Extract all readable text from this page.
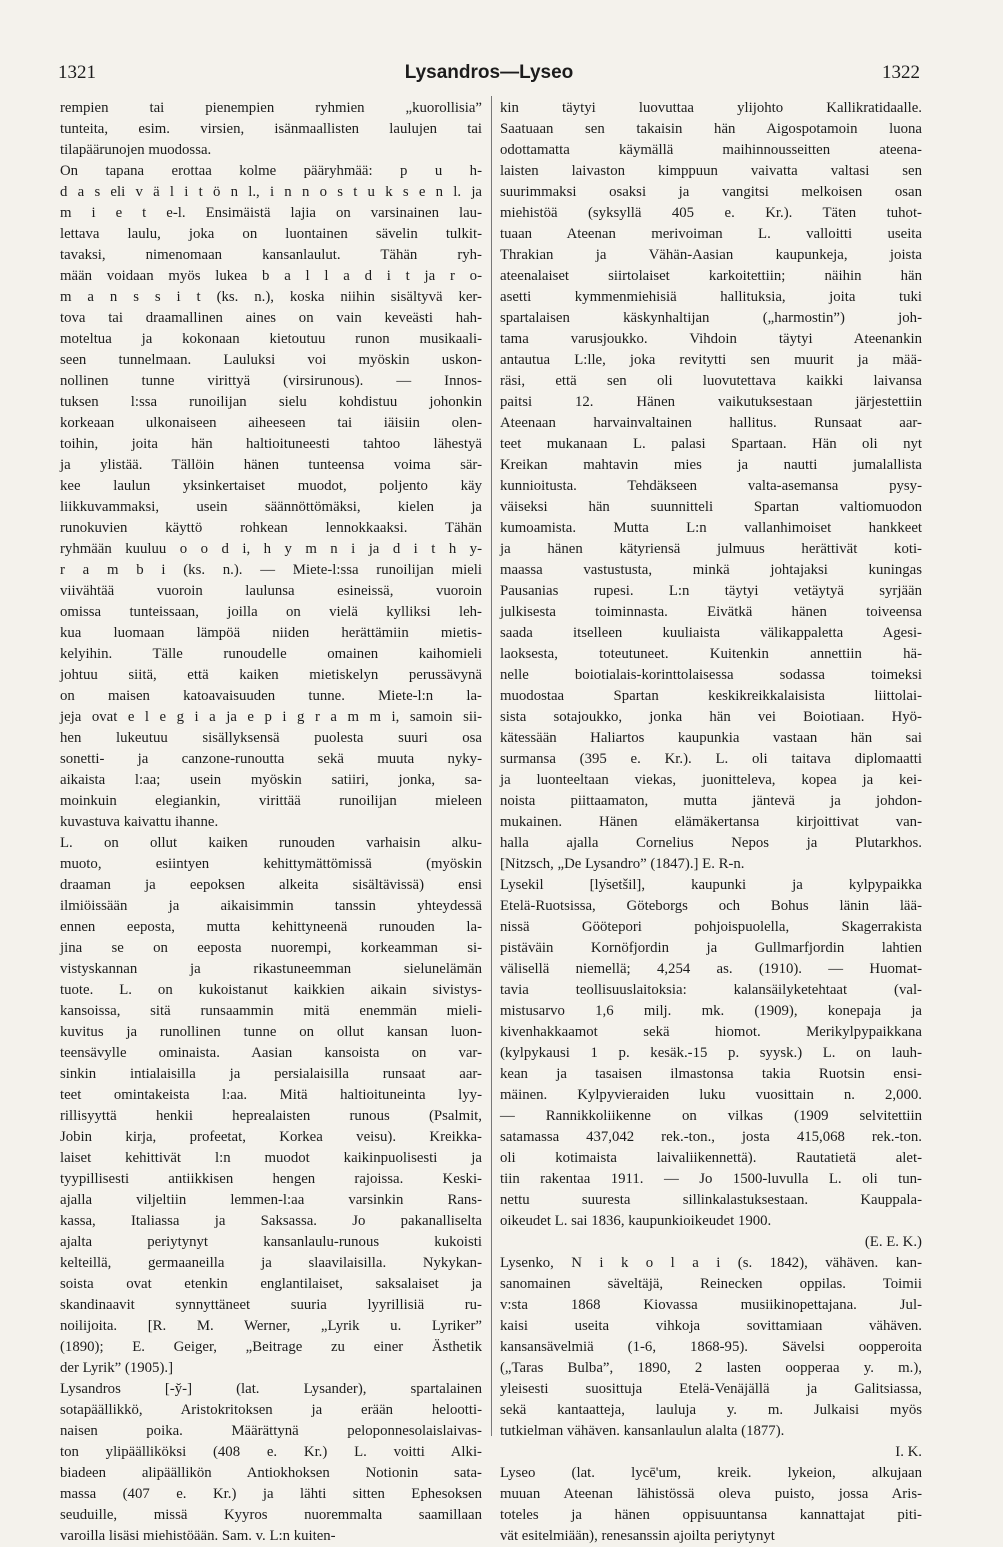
1321	Lysandros—Lyseo	1322

rempien tai pienempien ryhmien „kuorollisia”

tunteita, esim. virsien, isänmaallisten laulujen tai

tilapäärunojen muodossa.

On tapana erottaa kolme pääryhmää: p u h-

d a s eli v ä l i t ö n l., i n n o s t u k s e n l. ja

m i e t e-l. Ensimäistä lajia on varsinainen lau-

lettava laulu, joka on luontainen sävelin tulkit-

tavaksi, nimenomaan kansanlaulut. Tähän ryh-

mään voidaan myös lukea b a l l a d i t ja r o-

m a n s s i t (ks. n.), koska niihin sisältyvä ker-

tova tai draamallinen aines on vain keveästi hah-

moteltua ja kokonaan kietoutuu runon musikaali-

seen tunnelmaan. Lauluksi voi myöskin uskon-

nollinen tunne virittyä (virsirunous). — Innos-

tuksen l:ssa runoilijan sielu kohdistuu johonkin

korkeaan ulkonaiseen aiheeseen tai iäisiin olen-

toihin, joita hän haltioituneesti tahtoo lähestyä

ja ylistää. Tällöin hänen tunteensa voima sär-

kee laulun yksinkertaiset muodot, poljento käy

liikkuvammaksi, usein säännöttömäksi, kielen ja

runokuvien käyttö rohkean lennokkaaksi. Tähän

ryhmään kuuluu o o d i, h y m n i ja d i t h y-

r a m b i (ks. n.). — Miete-l:ssa runoilijan mieli

viivähtää vuoroin laulunsa esineissä, vuoroin

omissa tunteissaan, joilla on vielä kylliksi leh-

kua luomaan lämpöä niiden herättämiin mietis-

kelyihin. Tälle runoudelle omainen kaihomieli

johtuu siitä, että kaiken mietiskelyn perussävynä

on maisen katoavaisuuden tunne. Miete-l:n la-

jeja ovat e l e g i a ja e p i g r a m m i, samoin sii-

hen lukeutuu sisällyksensä puolesta suuri osa

sonetti- ja canzone-runoutta sekä muuta nyky-

aikaista l:aa; usein myöskin satiiri, jonka, sa-

moinkuin elegiankin, virittää runoilijan mieleen

kuvastuva kaivattu ihanne.

L. on ollut kaiken runouden varhaisin alku-

muoto, esiintyen kehittymättömissä (myöskin

draaman ja eepoksen alkeita sisältävissä) ensi

ilmiöissään ja aikaisimmin tanssin yhteydessä

ennen eeposta, mutta kehittyneenä runouden la-

jina se on eeposta nuorempi, korkeamman si-

vistyskannan ja rikastuneemman sielunelämän

tuote. L. on kukoistanut kaikkien aikain sivistys-

kansoissa, sitä runsaammin mitä enemmän mieli-

kuvitus ja runollinen tunne on ollut kansan luon-

teensävylle ominaista. Aasian kansoista on var-

sinkin intialaisilla ja persialaisilla runsaat aar-

teet omintakeista l:aa. Mitä haltioituneinta lyy-

rillisyyttä henkii heprealaisten runous (Psalmit,

Jobin kirja, profeetat, Korkea veisu). Kreikka-

laiset kehittivät l:n muodot kaikinpuolisesti ja

tyypillisesti antiikkisen hengen rajoissa. Keski-

ajalla viljeltiin lemmen-l:aa varsinkin Rans-

kassa, Italiassa ja Saksassa. Jo pakanalliselta

ajalta periytynyt kansanlaulu-runous kukoisti

kelteillä, germaaneilla ja slaavilaisilla. Nykykan-

soista ovat etenkin englantilaiset, saksalaiset ja

skandinaavit synnyttäneet suuria lyyrillisiä ru-

noilijoita. [R. M. Werner, „Lyrik u. Lyriker”

(1890); E. Geiger, „Beitrage zu einer Ästhetik

der Lyrik” (1905).]

Lysandros [-y̆-] (lat. Lysander), spartalainen

sotapäällikkö, Aristokritoksen ja erään helootti-

naisen poika. Määrättynä peloponnesolaislaivas-

ton ylipäälliköksi (408 e. Kr.) L. voitti Alki-

biadeen alipäällikön Antiokhoksen Notionin sata-

massa (407 e. Kr.) ja lähti sitten Ephesoksen

seuduille, missä Kyyros nuoremmalta saamillaan

varoilla lisäsi miehistöään. Sam. v. L:n kuiten-

kin täytyi luovuttaa ylijohto Kallikratidaalle.

Saatuaan sen takaisin hän Aigospotamoin luona

odottamatta käymällä maihinnousseitten ateena-

laisten laivaston kimppuun vaivatta valtasi sen

suurimmaksi osaksi ja vangitsi melkoisen osan

miehistöä (syksyllä 405 e. Kr.). Täten tuhot-

tuaan Ateenan merivoiman L. valloitti useita

Thrakian ja Vähän-Aasian kaupunkeja, joista

ateenalaiset siirtolaiset karkoitettiin; näihin hän

asetti kymmenmiehisiä hallituksia, joita tuki

spartalaisen käskynhaltijan („harmostin”) joh-

tama varusjoukko. Vihdoin täytyi Ateenankin

antautua L:lle, joka revitytti sen muurit ja mää-

räsi, että sen oli luovutettava kaikki laivansa

paitsi 12. Hänen vaikutuksestaan järjestettiin

Ateenaan harvainvaltainen hallitus. Runsaat aar-

teet mukanaan L. palasi Spartaan. Hän oli nyt

Kreikan mahtavin mies ja nautti jumalallista

kunnioitusta. Tehdäkseen valta-asemansa pysy-

väiseksi hän suunnitteli Spartan valtiomuodon

kumoamista. Mutta L:n vallanhimoiset hankkeet

ja hänen kätyriensä julmuus herättivät koti-

maassa vastustusta, minkä johtajaksi kuningas

Pausanias rupesi. L:n täytyi vetäytyä syrjään

julkisesta toiminnasta. Eivätkä hänen toiveensa

saada itselleen kuuliaista välikappaletta Agesi-

laoksesta, toteutuneet. Kuitenkin annettiin hä-

nelle boiotialais-korinttolaisessa sodassa toimeksi

muodostaa Spartan keskikreikkalaisista liittolai-

sista sotajoukko, jonka hän vei Boiotiaan. Hyö-

kätessään Haliartos kaupunkia vastaan hän sai

surmansa (395 e. Kr.). L. oli taitava diplomaatti

ja luonteeltaan viekas, juonitteleva, kopea ja kei-

noista piittaamaton, mutta jäntevä ja johdon-

mukainen. Hänen elämäkertansa kirjoittivat van-

halla ajalla Cornelius Nepos ja Plutarkhos.

[Nitzsch, „De Lysandro” (1847).] E. R-n.

Lysekil [lyֿsetšil], kaupunki ja kylpypaikka

Etelä-Ruotsissa, Göteborgs och Bohus länin lää-

nissä Göötepori pohjoispuolella, Skagerrakista

pistäväin Kornöfjordin ja Gullmarfjordin lahtien

välisellä niemellä; 4,254 as. (1910). — Huomat-

tavia teollisuuslaitoksia: kalansäilyketehtaat (val-

mistusarvo 1,6 milj. mk. (1909), konepaja ja

kivenhakkaamot sekä hiomot. Merikylpypaikkana

(kylpykausi 1 p. kesäk.-15 p. syysk.) L. on lauh-

kean ja tasaisen ilmastonsa takia Ruotsin ensi-

mäinen. Kylpyvieraiden luku vuosittain n. 2,000.

— Rannikkoliikenne on vilkas (1909 selvitettiin

satamassa 437,042 rek.-ton., josta 415,068 rek.-ton.

oli kotimaista laivaliikennettä). Rautatietä alet-

tiin rakentaa 1911. — Jo 1500-luvulla L. oli tun-

nettu suuresta sillinkalastuksestaan. Kauppala-

oikeudet L. sai 1836, kaupunkioikeudet 1900.

(E. E. K.)

Lysenko, N i k o l a i (s. 1842), vähäven. kan-

sanomainen säveltäjä, Reinecken oppilas. Toimii

v:sta 1868 Kiovassa musiikinopettajana. Jul-

kaisi useita vihkoja sovittamiaan vähäven.

kansansävelmiä (1-6, 1868-95). Sävelsi oopperoita

(„Taras Bulba”, 1890, 2 lasten oopperaa y. m.),

yleisesti suosittuja Etelä-Venäjällä ja Galitsiassa,

sekä kantaatteja, lauluja y. m. Julkaisi myös

tutkielman vähäven. kansanlaulun alalta (1877).

I. K.

Lyseo (lat. lycē'um, kreik. lykeion, alkujaan

muuan Ateenan lähistössä oleva puisto, jossa Aris-

toteles ja hänen oppisuuntansa kannattajat piti-

vät esitelmiään), renesanssin ajoilta periytynyt
